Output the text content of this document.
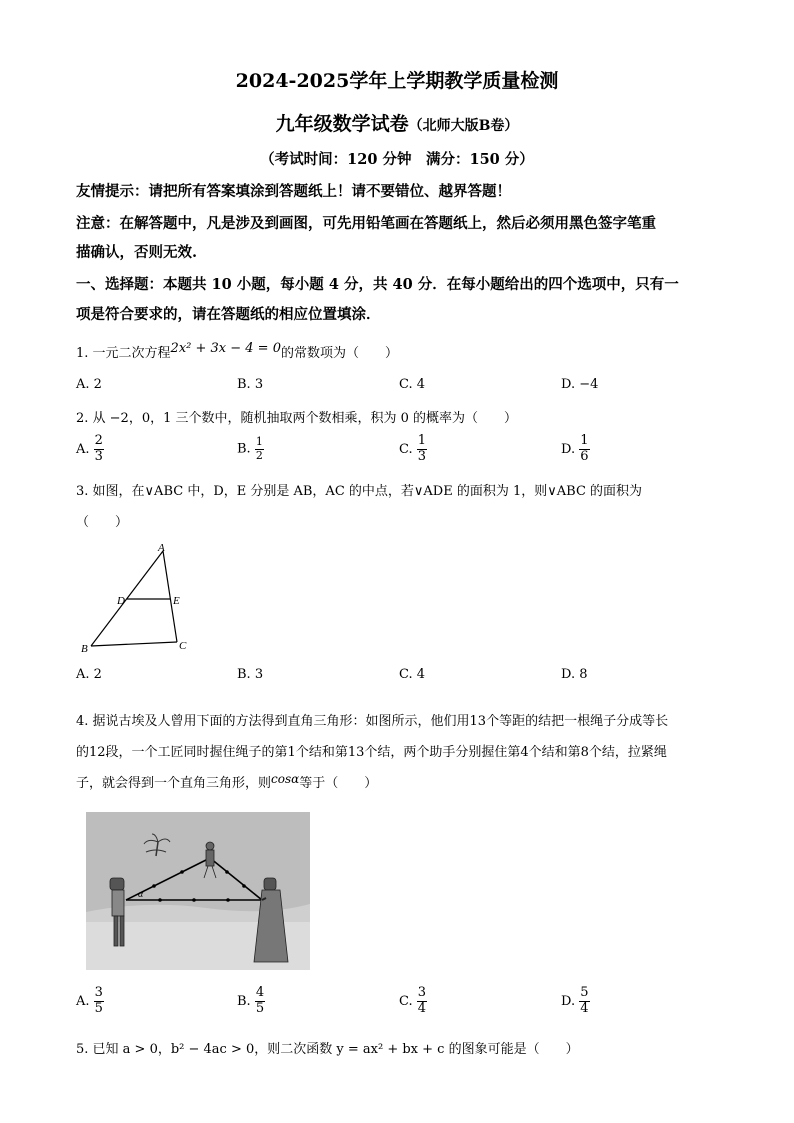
2024-2025学年上学期教学质量检测
九年级数学试卷（北师大版B卷）
（考试时间：120 分钟　满分：150 分）
友情提示：请把所有答案填涂到答题纸上！请不要错位、越界答题！
注意：在解答题中，凡是涉及到画图，可先用铅笔画在答题纸上，然后必须用黑色签字笔重
描确认，否则无效.
一、选择题：本题共 10 小题，每小题 4 分，共 40 分．在每小题给出的四个选项中，只有一
项是符合要求的，请在答题纸的相应位置填涂．
1. 一元二次方程2x² + 3x − 4 = 0的常数项为（　　）
A. 2	B. 3	C. 4	D. −4
2. 从 −2，0，1 三个数中，随机抽取两个数相乘，积为 0 的概率为（　　）
A. $\frac{2}{3}$	B. $\frac{1}{2}$	C. $\frac{1}{3}$	D. $\frac{1}{6}$
3. 如图，在∨ABC 中，D，E 分别是 AB，AC 的中点，若∨ADE 的面积为 1，则∨ABC 的面积为
（　　）
A
D	E
B	C
A. 2	B. 3	C. 4	D. 8
4. 据说古埃及人曾用下面的方法得到直角三角形：如图所示，他们用13个等距的结把一根绳子分成等长
的12段，一个工匠同时握住绳子的第1个结和第13个结，两个助手分别握住第4个结和第8个结，拉紧绳
子，就会得到一个直角三角形，则cosα等于（　　）
α
A. $\frac{3}{5}$	B. $\frac{4}{5}$	C. $\frac{3}{4}$	D. $\frac{5}{4}$
5. 已知 a > 0，b² − 4ac > 0，则二次函数 y = ax² + bx + c 的图象可能是（　　）
